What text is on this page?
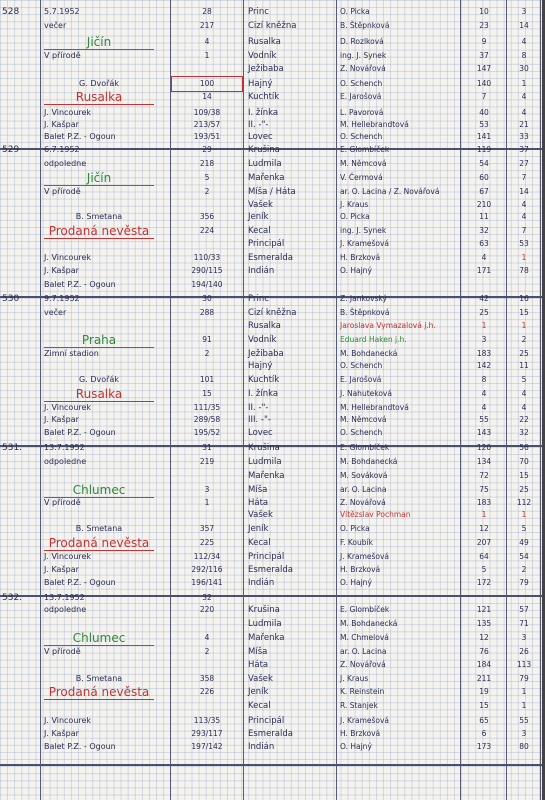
528	5.7.1952	28	Princ	O. Picka	10	3
večer	217	Cizí kněžna	B. Štěpnková	23	14
Jičín	4	Rusalka	D. Rozlková	9	4
V přírodě	1	Vodník	ing. J. Synek	37	8
Ježibaba	Z. Novářová	147	30
G. Dvořák	100	Hajný	O. Schench	140	1
Rusalka	14	Kuchtík	E. Jarošová	7	4
J. Vincourek	109/38	I. žínka	L. Pavorová	40	4
J. Kašpar	213/57	II. -"-	M. Hellebrandtová	53	21
Balet P.Z. - Ogoun	193/51	Lovec	O. Schench	141	33
529	6.7.1952	29	Krušina	E. Glombíček	119	37
odpoledne	218	Ludmila	M. Němcová	54	27
Jičín	5	Mařenka	V. Čermová	60	7
V přírodě	2	Míša / Háta	ar. O. Lacina / Z. Novářová	67	14
Vašek	J. Kraus	210	4
B. Smetana	356	Jeník	O. Picka	11	4
Prodaná nevěsta	224	Kecal	ing. J. Synek	32	7
Principál	J. Kramešová	63	53
J. Vincourek	110/33	Esmeralda	H. Brzková	4	1
J. Kašpar	290/115	Indián	O. Hajný	171	78
Balet P.Z. - Ogoun	194/140
530	9.7.1952	30	Princ	Z. Jankovský	42	16
večer	288	Cizí kněžna	B. Štěpnková	25	15
Rusalka	Jaroslava Vymazalová j.h.	1	1
Praha	91	Vodník	Eduard Haken j.h.	3	2
Zimní stadion	2	Ježibaba	M. Bohdanecká	183	25
Hajný	O. Schench	142	11
G. Dvořák	101	Kuchtík	E. Jarošová	8	5
Rusalka	15	I. žínka	J. Nahuteková	4	4
J. Vincourek	111/35	II. -"-	M. Hellebrandtová	4	4
J. Kašpar	289/58	III. -"-	M. Němcová	55	22
Balet P.Z. - Ogoun	195/52	Lovec	O. Schench	143	32
531.	13.7.1952	31	Krušina	E. Glombíček	120	56
odpoledne	219	Ludmila	M. Bohdanecká	134	70
Mařenka	M. Sováková	72	15
Chlumec	3	Míša	ar. O. Lacina	75	25
V přírodě	1	Háta	Z. Novářová	183	112
Vašek	Vítězslav Pochman	1	1
B. Smetana	357	Jeník	O. Picka	12	5
Prodaná nevěsta	225	Kecal	F. Koubík	207	49
J. Vincourek	112/34	Principál	J. Kramešová	64	54
J. Kašpar	292/116	Esmeralda	H. Brzková	5	2
Balet P.Z. - Ogoun	196/141	Indián	O. Hajný	172	79
532.	13.7.1952	32
odpoledne	220	Krušina	E. Glombíček	121	57
Ludmila	M. Bohdanecká	135	71
Chlumec	4	Mařenka	M. Chmelová	12	3
V přírodě	2	Míša	ar. O. Lacina	76	26
Háta	Z. Novářová	184	113
B. Smetana	358	Vašek	J. Kraus	211	79
Prodaná nevěsta	226	Jeník	K. Reinstein	19	1
Kecal	R. Stanjek	15	1
J. Vincourek	113/35	Principál	J. Kramešová	65	55
J. Kašpar	293/117	Esmeralda	H. Brzková	6	3
Balet P.Z. - Ogoun	197/142	Indián	O. Hajný	173	80
